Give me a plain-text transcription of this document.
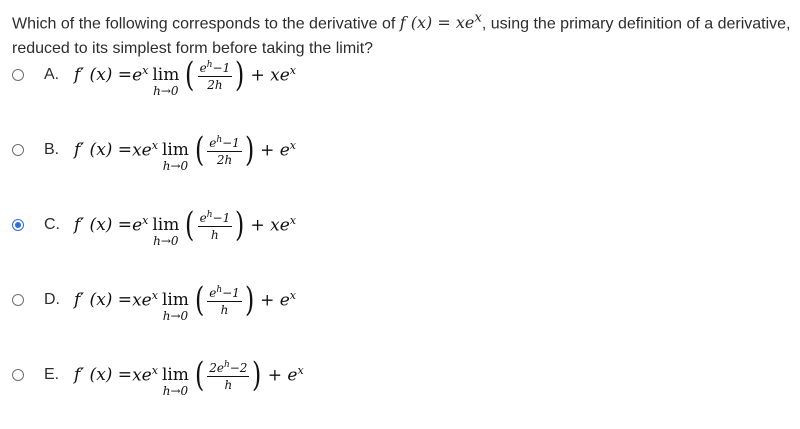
Which of the following corresponds to the derivative of f $(x) = xe^x$, using the primary definition of a derivative, reduced to its simplest form before taking the limit?
A. f′ $(x) = e^x$ lim
h→0 ( $\frac{e^h-1}{2h}$ ) + $xe^x$
B. f′ $(x) = xe^x$ lim
h→0 ( $\frac{e^h-1}{2h}$ ) + $e^x$
C. f′ $(x) = e^x$ lim
h→0 ( $\frac{e^h-1}{h}$ ) + $xe^x$
D. f′ $(x) = xe^x$ lim
h→0 ( $\frac{e^h-1}{h}$ ) + $e^x$
E. f′ $(x) = xe^x$ lim
h→0 ( $\frac{2e^h-2}{h}$ ) + $e^x$
